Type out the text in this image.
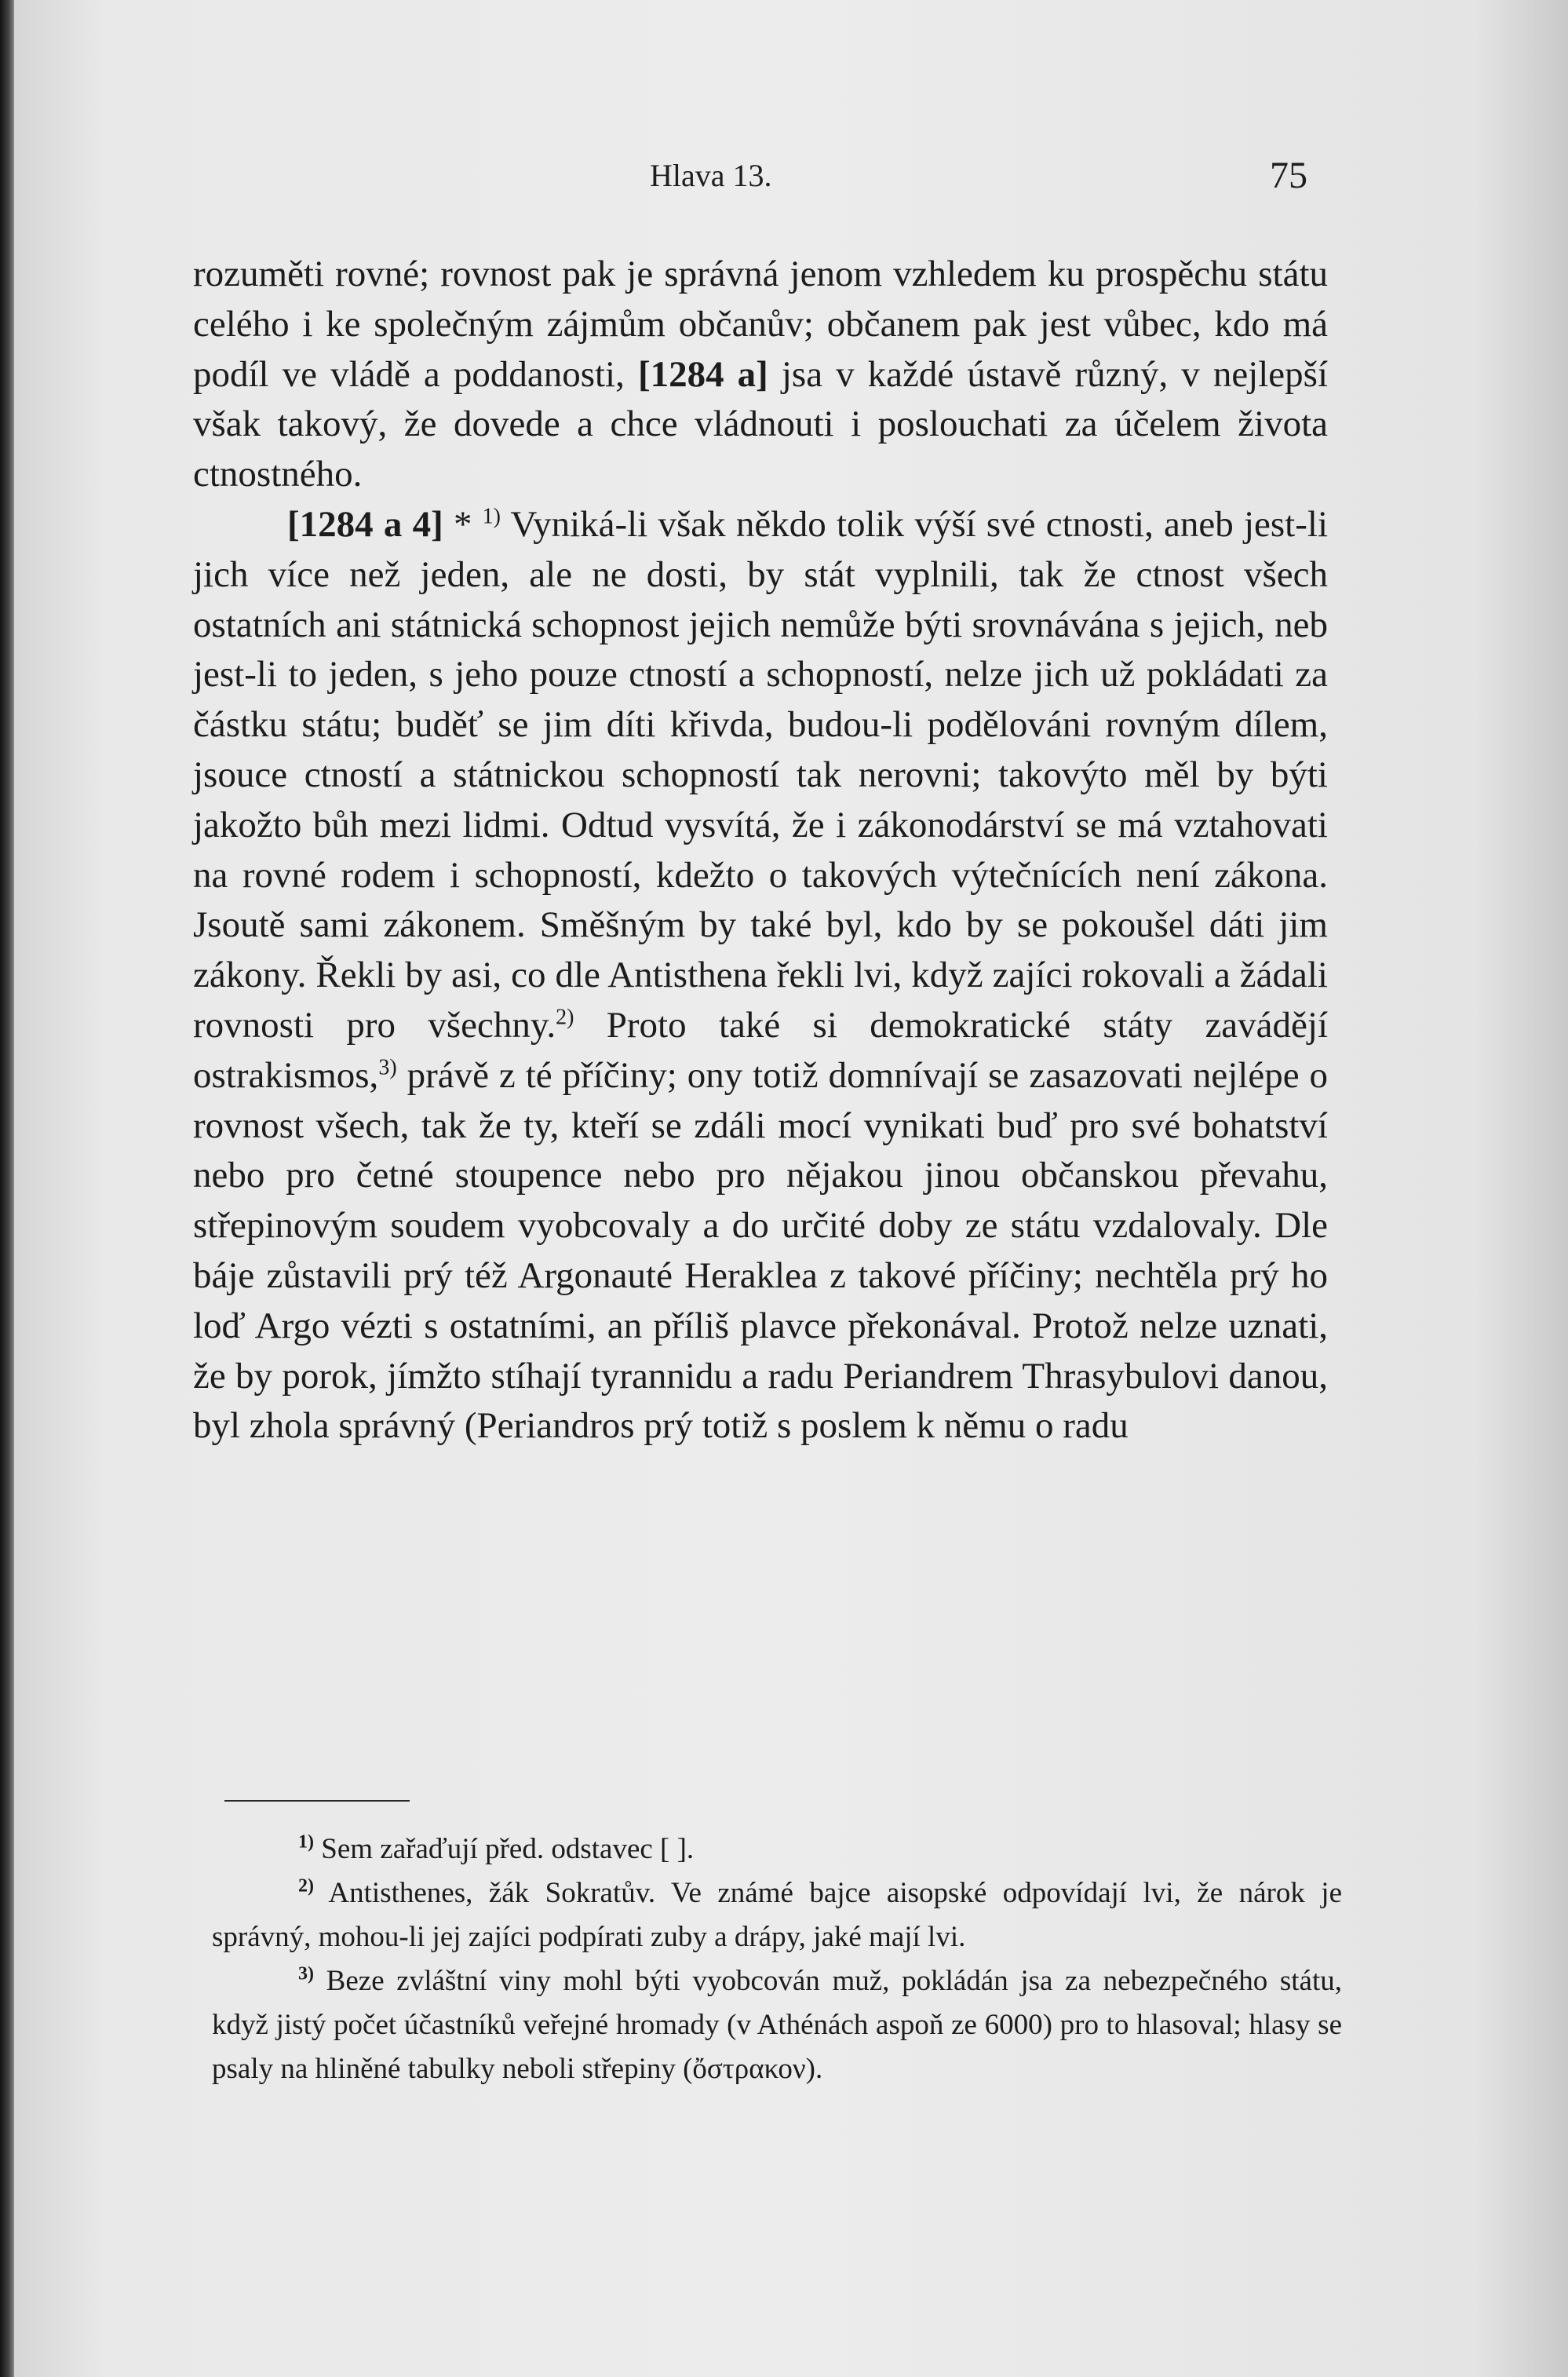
Hlava 13.	75

rozuměti rovné; rovnost pak je správná jenom vzhledem ku prospěchu státu celého i ke společným zájmům občanův; občanem pak jest vůbec, kdo má podíl ve vládě a poddanosti, [1284 a] jsa v každé ústavě různý, v nejlepší však takový, že dovede a chce vládnouti i poslouchati za účelem života ctnostného.

[1284 a 4] * $^{1)}$ Vyniká-li však někdo tolik výší své ctnosti, aneb jest-li jich více než jeden, ale ne dosti, by stát vyplnili, tak že ctnost všech ostatních ani státnická schopnost jejich nemůže býti srovnávána s jejich, neb jest-li to jeden, s jeho pouze ctností a schopností, nelze jich už pokládati za částku státu; buděť se jim díti křivda, budou-li podělováni rovným dílem, jsouce ctností a státnickou schopností tak nerovni; takovýto měl by býti jakožto bůh mezi lidmi. Odtud vysvítá, že i zákonodárství se má vztahovati na rovné rodem i schopností, kdežto o takových výtečnících není zákona. Jsoutě sami zákonem. Směšným by také byl, kdo by se pokoušel dáti jim zákony. Řekli by asi, co dle Antisthena řekli lvi, když zajíci rokovali a žádali rovnosti pro všechny.$^{2)}$ Proto také si demokratické státy zavádějí ostrakismos,$^{3)}$ právě z té příčiny; ony totiž domnívají se zasazovati nejlépe o rovnost všech, tak že ty, kteří se zdáli mocí vynikati buď pro své bohatství nebo pro četné stoupence nebo pro nějakou jinou občanskou převahu, střepinovým soudem vyobcovaly a do určité doby ze státu vzdalovaly. Dle báje zůstavili prý též Argonauté Heraklea z takové příčiny; nechtěla prý ho loď Argo vézti s ostatními, an příliš plavce překonával. Protož nelze uznati, že by porok, jímžto stíhají tyrannidu a radu Periandrem Thrasybulovi danou, byl zhola správný (Periandros prý totiž s poslem k němu o radu

$^{1)}$ Sem zařaďují před. odstavec [ ].

$^{2)}$ Antisthenes, žák Sokratův. Ve známé bajce aisopské odpovídají lvi, že nárok je správný, mohou-li jej zajíci podpírati zuby a drápy, jaké mají lvi.

$^{3)}$ Beze zvláštní viny mohl býti vyobcován muž, pokládán jsa za nebezpečného státu, když jistý počet účastníků veřejné hromady (v Athénách aspoň ze 6000) pro to hlasoval; hlasy se psaly na hliněné tabulky neboli střepiny (ὄστρακον).
